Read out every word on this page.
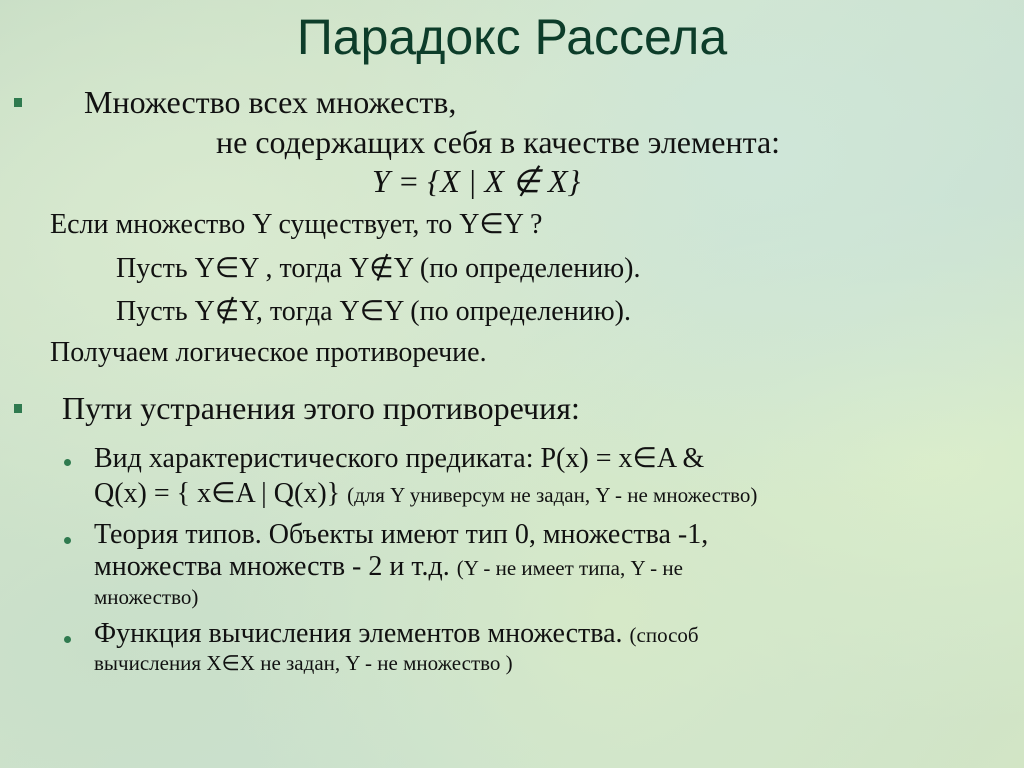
Парадокс Рассела
Множество всех множеств,
не содержащих себя в качестве элемента:
Y = {X | X ∉ X}
Если множество Y существует, то Y∈Y ?
Пусть Y∈Y , тогда Y∉Y (по определению).
Пусть Y∉Y, тогда Y∈Y (по определению).
Получаем логическое противоречие.
Пути устранения этого противоречия:
Вид характеристического предиката: P(x) = x∈A &
Q(x) = { x∈A | Q(x)} (для Y универсум не задан, Y - не множество)
Теория типов. Объекты имеют тип 0, множества -1,
множества множеств - 2 и т.д. (Y - не имеет типа, Y - не
множество)
Функция вычисления элементов множества. (способ
вычисления X∈X не задан, Y - не множество )
